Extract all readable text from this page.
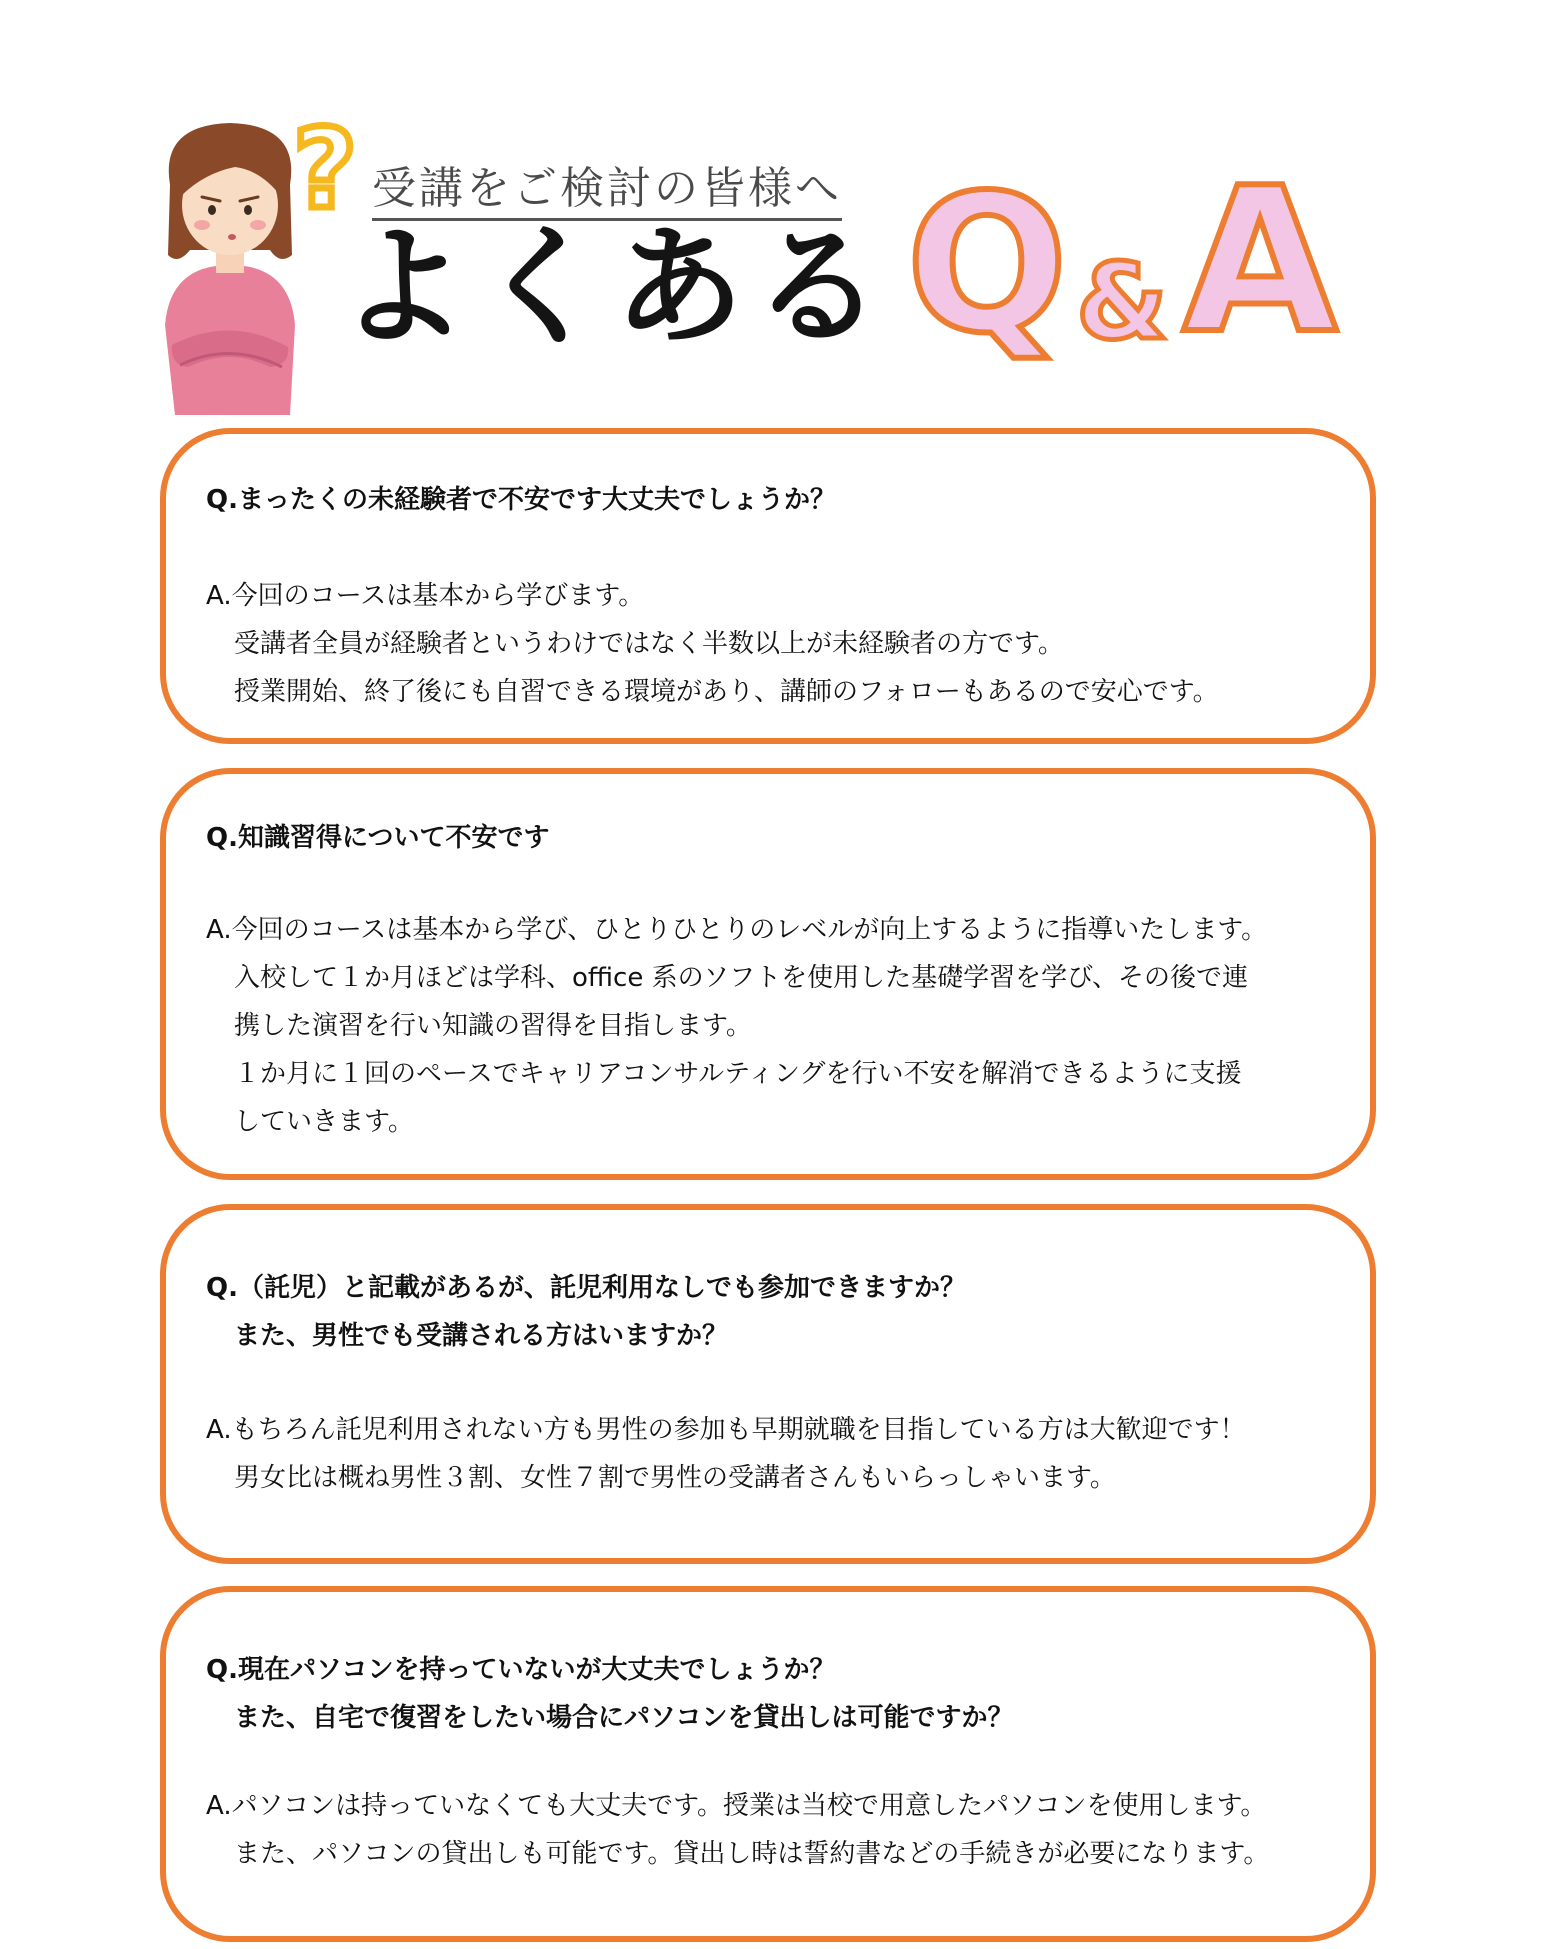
? 受講をご検討の皆様へ
よくある Q & A
Q.まったくの未経験者で不安です大丈夫でしょうか？
A.今回のコースは基本から学びます。
受講者全員が経験者というわけではなく半数以上が未経験者の方です。
授業開始、終了後にも自習できる環境があり、講師のフォローもあるので安心です。
Q.知識習得について不安です
A.今回のコースは基本から学び、ひとりひとりのレベルが向上するように指導いたします。
入校して１か月ほどは学科、office 系のソフトを使用した基礎学習を学び、その後で連
携した演習を行い知識の習得を目指します。
１か月に１回のペースでキャリアコンサルティングを行い不安を解消できるように支援
していきます。
Q.（託児）と記載があるが、託児利用なしでも参加できますか？
また、男性でも受講される方はいますか？
A.もちろん託児利用されない方も男性の参加も早期就職を目指している方は大歓迎です！
男女比は概ね男性３割、女性７割で男性の受講者さんもいらっしゃいます。
Q.現在パソコンを持っていないが大丈夫でしょうか？
また、自宅で復習をしたい場合にパソコンを貸出しは可能ですか？
A.パソコンは持っていなくても大丈夫です。授業は当校で用意したパソコンを使用します。
また、パソコンの貸出しも可能です。貸出し時は誓約書などの手続きが必要になります。
